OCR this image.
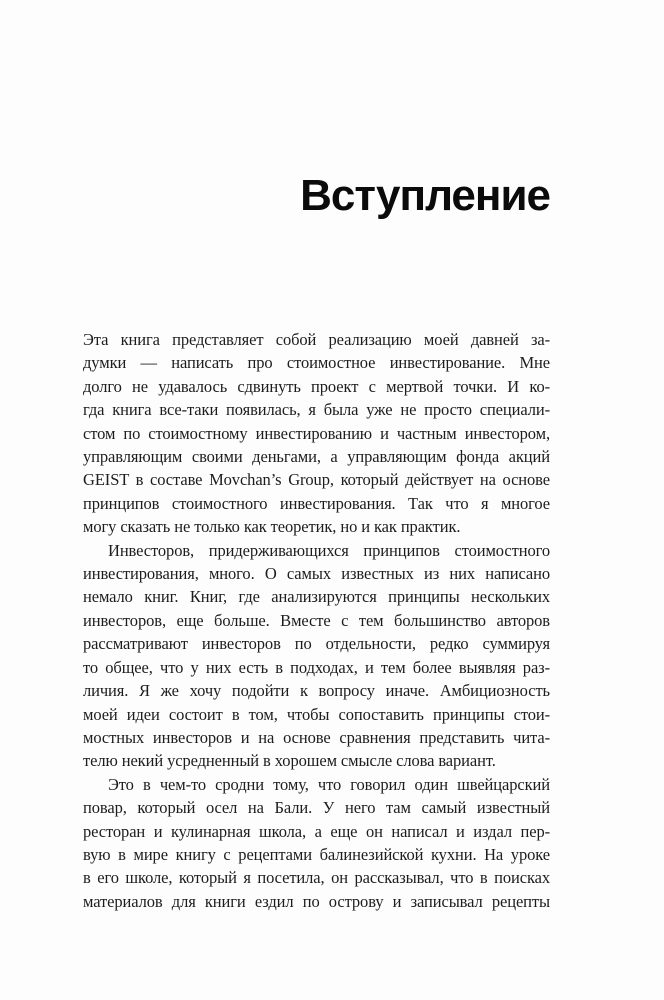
Вступление
Эта книга представляет собой реализацию моей давней за-
думки — написать про стоимостное инвестирование. Мне
долго не удавалось сдвинуть проект с мертвой точки. И ко-
гда книга все-таки появилась, я была уже не просто специали-
стом по стоимостному инвестированию и частным инвестором,
управляющим своими деньгами, а управляющим фонда акций
GEIST в составе Movchan’s Group, который действует на основе
принципов стоимостного инвестирования. Так что я многое
могу сказать не только как теоретик, но и как практик.
Инвесторов, придерживающихся принципов стоимостного
инвестирования, много. О самых известных из них написано
немало книг. Книг, где анализируются принципы нескольких
инвесторов, еще больше. Вместе с тем большинство авторов
рассматривают инвесторов по отдельности, редко суммируя
то общее, что у них есть в подходах, и тем более выявляя раз-
личия. Я же хочу подойти к вопросу иначе. Амбициозность
моей идеи состоит в том, чтобы сопоставить принципы стои-
мостных инвесторов и на основе сравнения представить чита-
телю некий усредненный в хорошем смысле слова вариант.
Это в чем-то сродни тому, что говорил один швейцарский
повар, который осел на Бали. У него там самый известный
ресторан и кулинарная школа, а еще он написал и издал пер-
вую в мире книгу с рецептами балинезийской кухни. На уроке
в его школе, который я посетила, он рассказывал, что в поисках
материалов для книги ездил по острову и записывал рецепты
